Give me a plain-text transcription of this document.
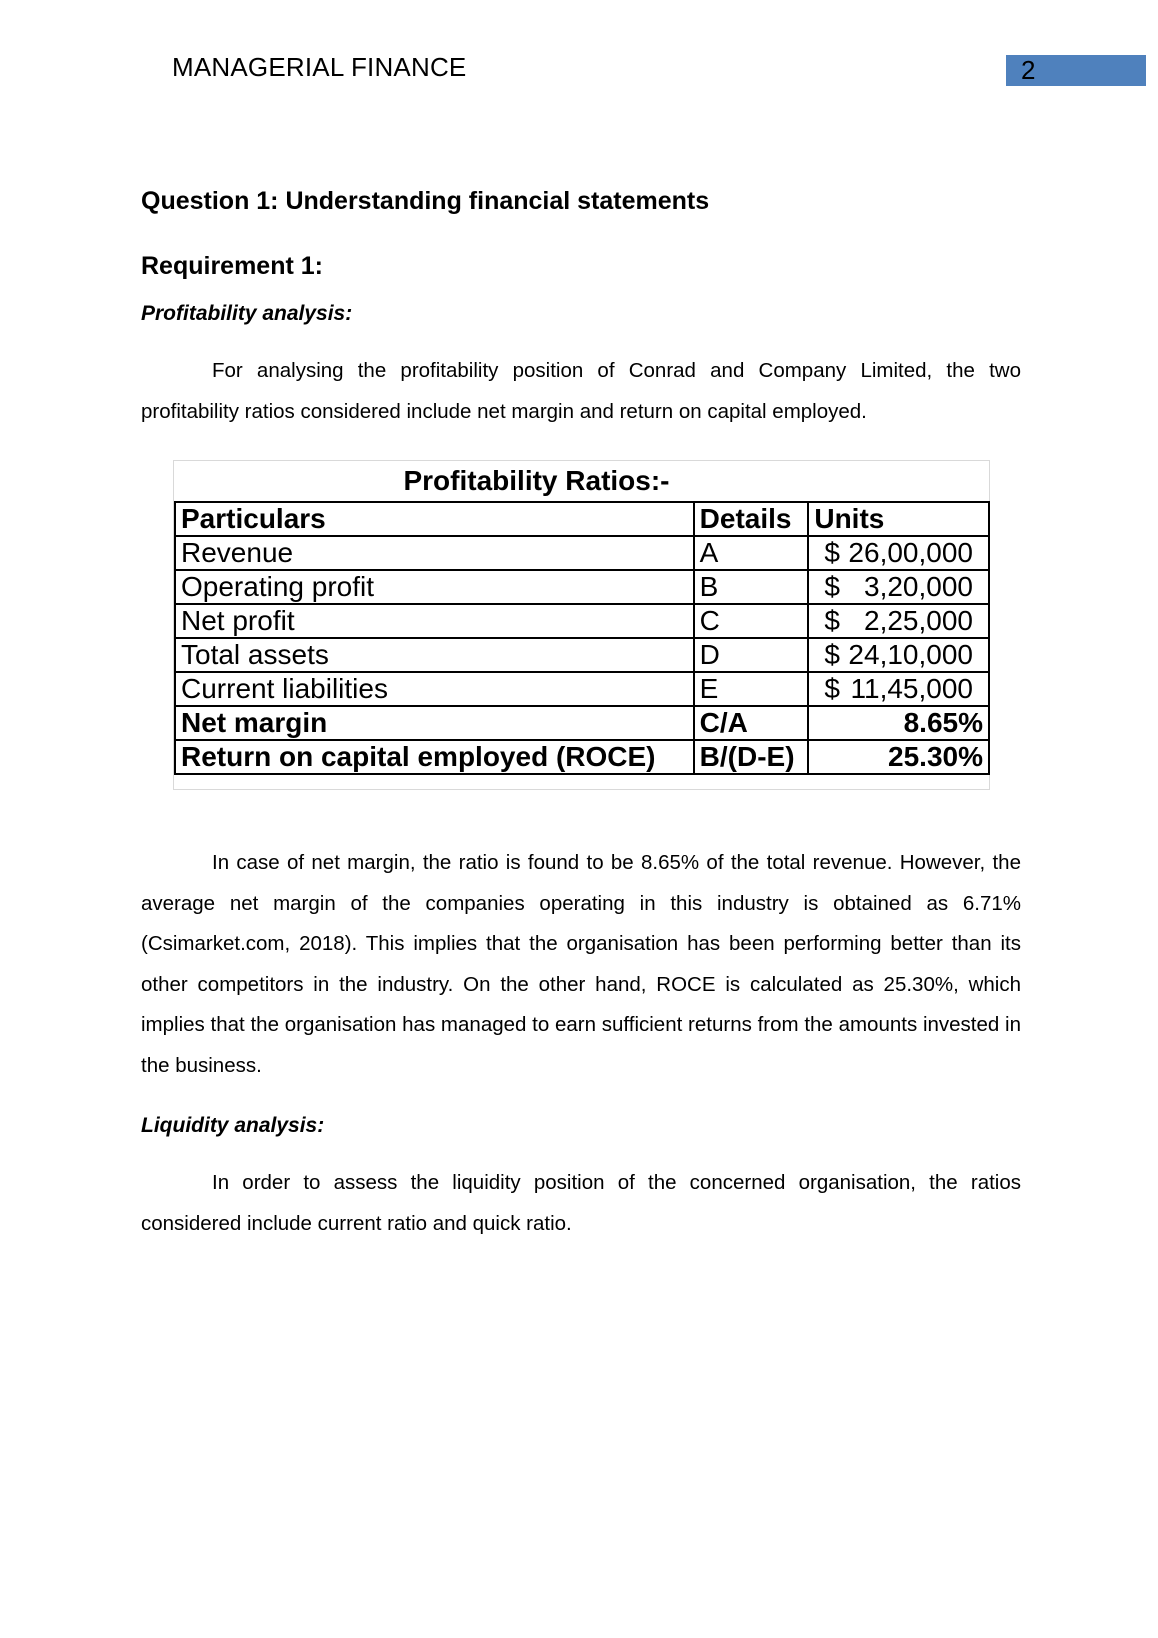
MANAGERIAL FINANCE	2
Question 1: Understanding financial statements
Requirement 1:
Profitability analysis:
For analysing the profitability position of Conrad and Company Limited, the two profitability ratios considered include net margin and return on capital employed.
Profitability Ratios:-
Particulars	Details	Units
Revenue	A	$ 26,00,000

Operating profit	B	$ 3,20,000

Net profit	C	$ 2,25,000

Total assets	D	$ 24,10,000

Current liabilities	E	$ 11,45,000

Net margin	C/A	8.65%
Return on capital employed (ROCE)	B/(D-E)	25.30%
In case of net margin, the ratio is found to be 8.65% of the total revenue. However, the average net margin of the companies operating in this industry is obtained as 6.71% (Csimarket.com, 2018). This implies that the organisation has been performing better than its other competitors in the industry. On the other hand, ROCE is calculated as 25.30%, which implies that the organisation has managed to earn sufficient returns from the amounts invested in the business.
Liquidity analysis:
In order to assess the liquidity position of the concerned organisation, the ratios considered include current ratio and quick ratio.
